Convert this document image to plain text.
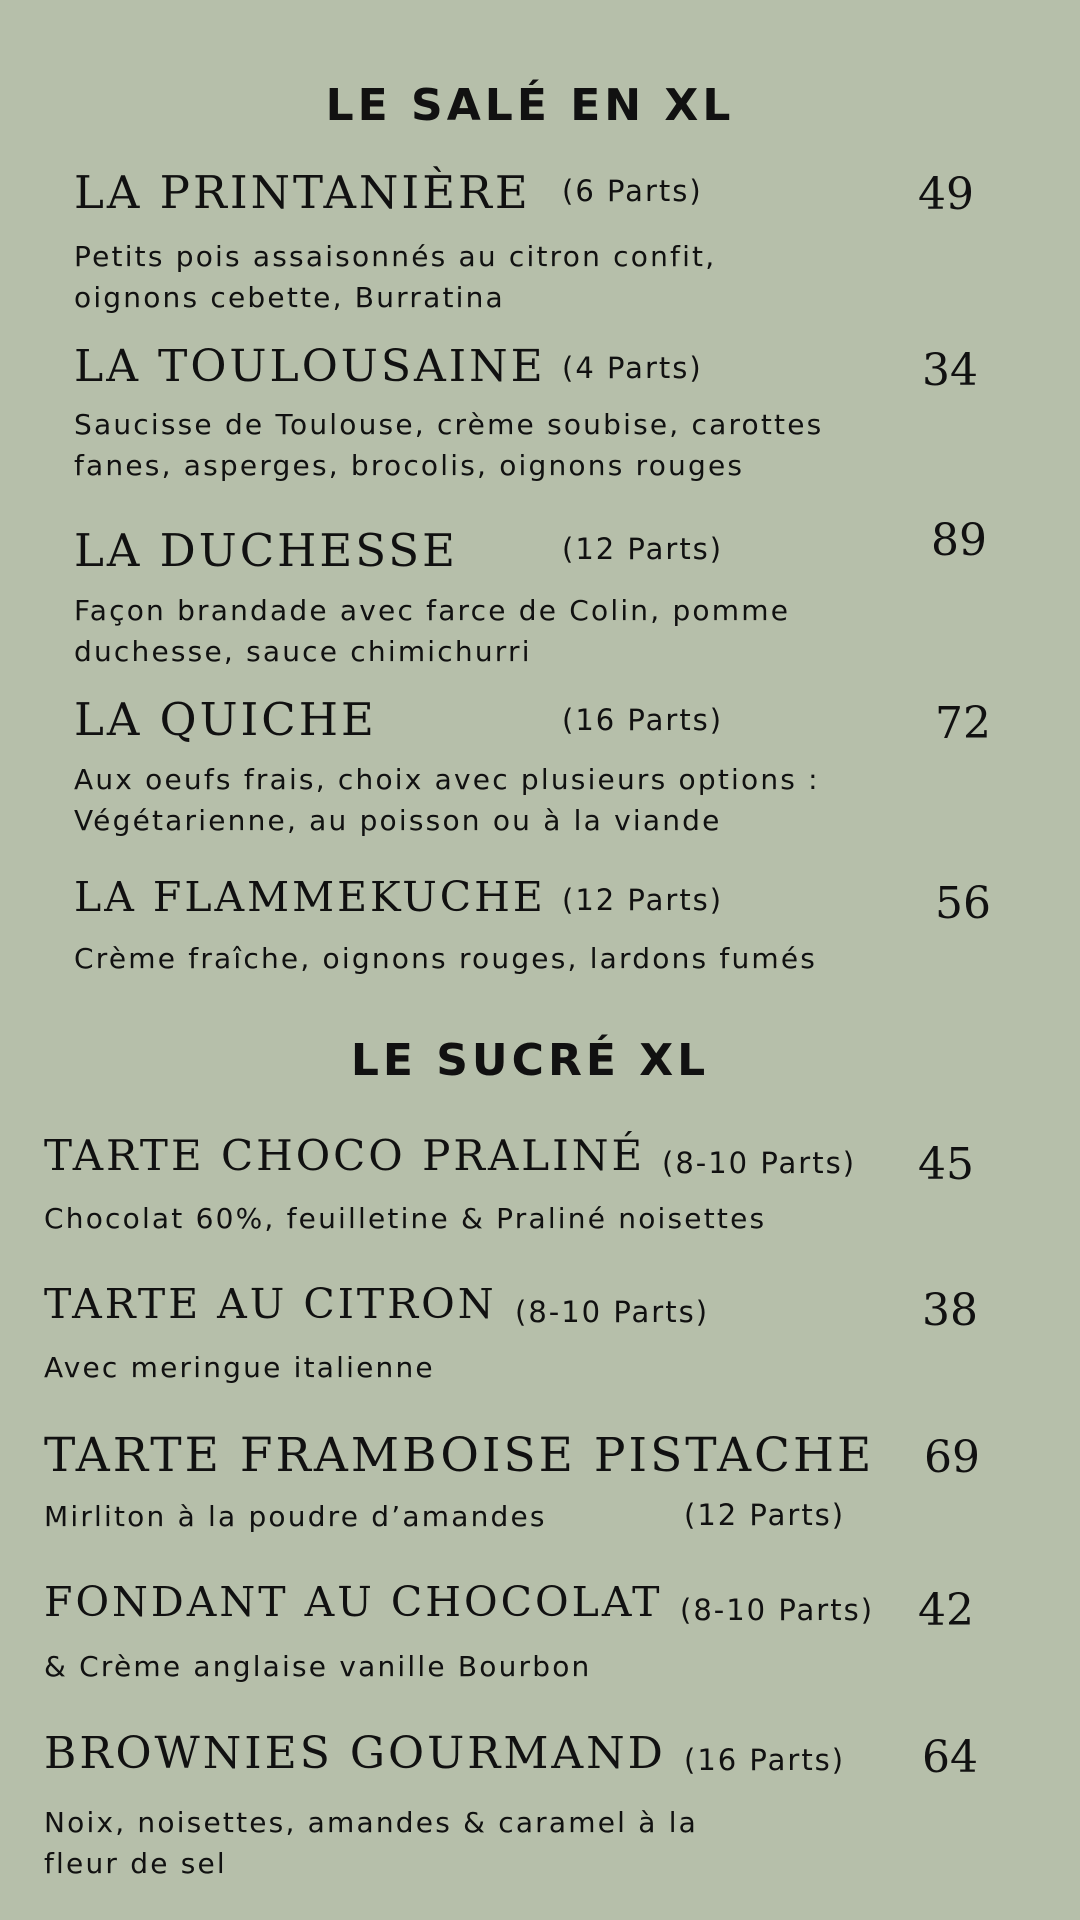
LE SALÉ EN XL
LA PRINTANIÈRE (6 Parts)	49

Petits pois assaisonnés au citron confit,
oignons cebette, Burratina

LA TOULOUSAINE (4 Parts)	34

Saucisse de Toulouse, crème soubise, carottes
fanes, asperges, brocolis, oignons rouges

LA DUCHESSE	(12 Parts)	89

Façon brandade avec farce de Colin, pomme
duchesse, sauce chimichurri

LA QUICHE	(16 Parts)	72

Aux oeufs frais, choix avec plusieurs options :
Végétarienne, au poisson ou à la viande

LA FLAMMEKUCHE (12 Parts)	56

Crème fraîche, oignons rouges, lardons fumés

LE SUCRÉ XL
TARTE CHOCO PRALINÉ (8-10 Parts) 45

Chocolat 60%, feuilletine & Praliné noisettes

TARTE AU CITRON (8-10 Parts)	38

Avec meringue italienne

TARTE FRAMBOISE PISTACHE 69

Mirliton à la poudre d’amandes	(12 Parts)
FONDANT AU CHOCOLAT (8-10 Parts) 42

& Crème anglaise vanille Bourbon

BROWNIES GOURMAND (16 Parts) 64

Noix, noisettes, amandes & caramel à la
fleur de sel
